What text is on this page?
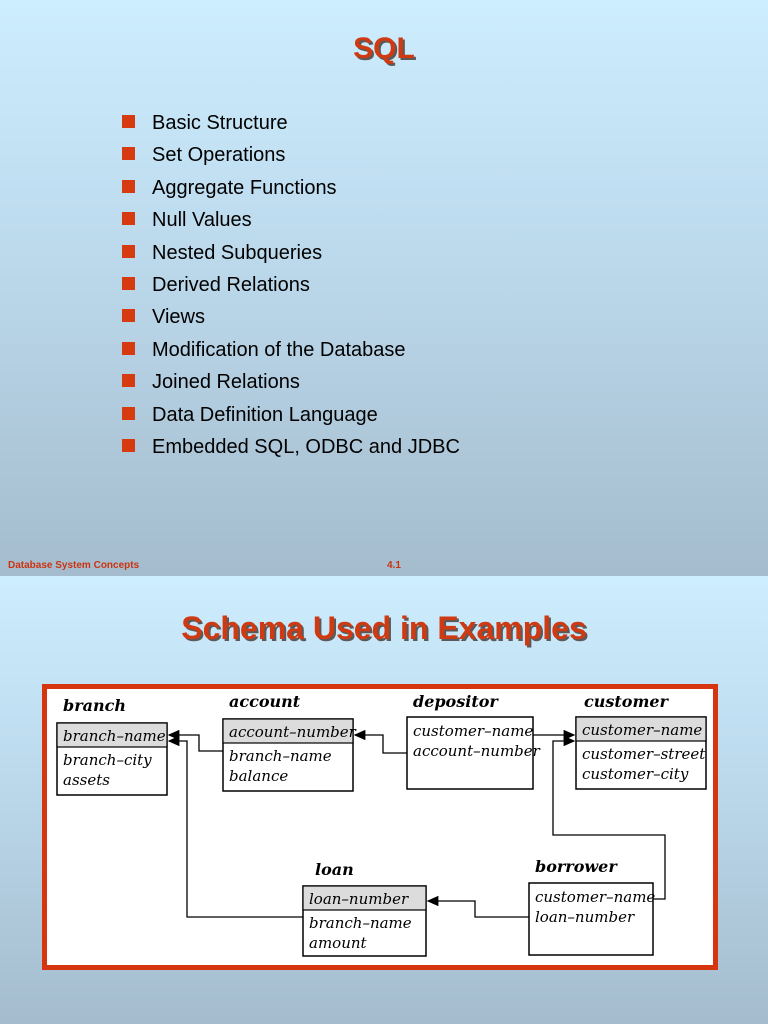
SQL
Basic Structure
Set Operations
Aggregate Functions
Null Values
Nested Subqueries
Derived Relations
Views
Modification of the Database
Joined Relations
Data Definition Language
Embedded SQL, ODBC and JDBC
Database System Concepts	4.1
Schema Used in Examples
branch
branch–name
branch–city
assets
account
account–number
branch–name
balance
depositor
customer–name
account–number
customer
customer–name
customer–street
customer–city
loan
loan–number
branch–name
amount
borrower
customer–name
loan–number
